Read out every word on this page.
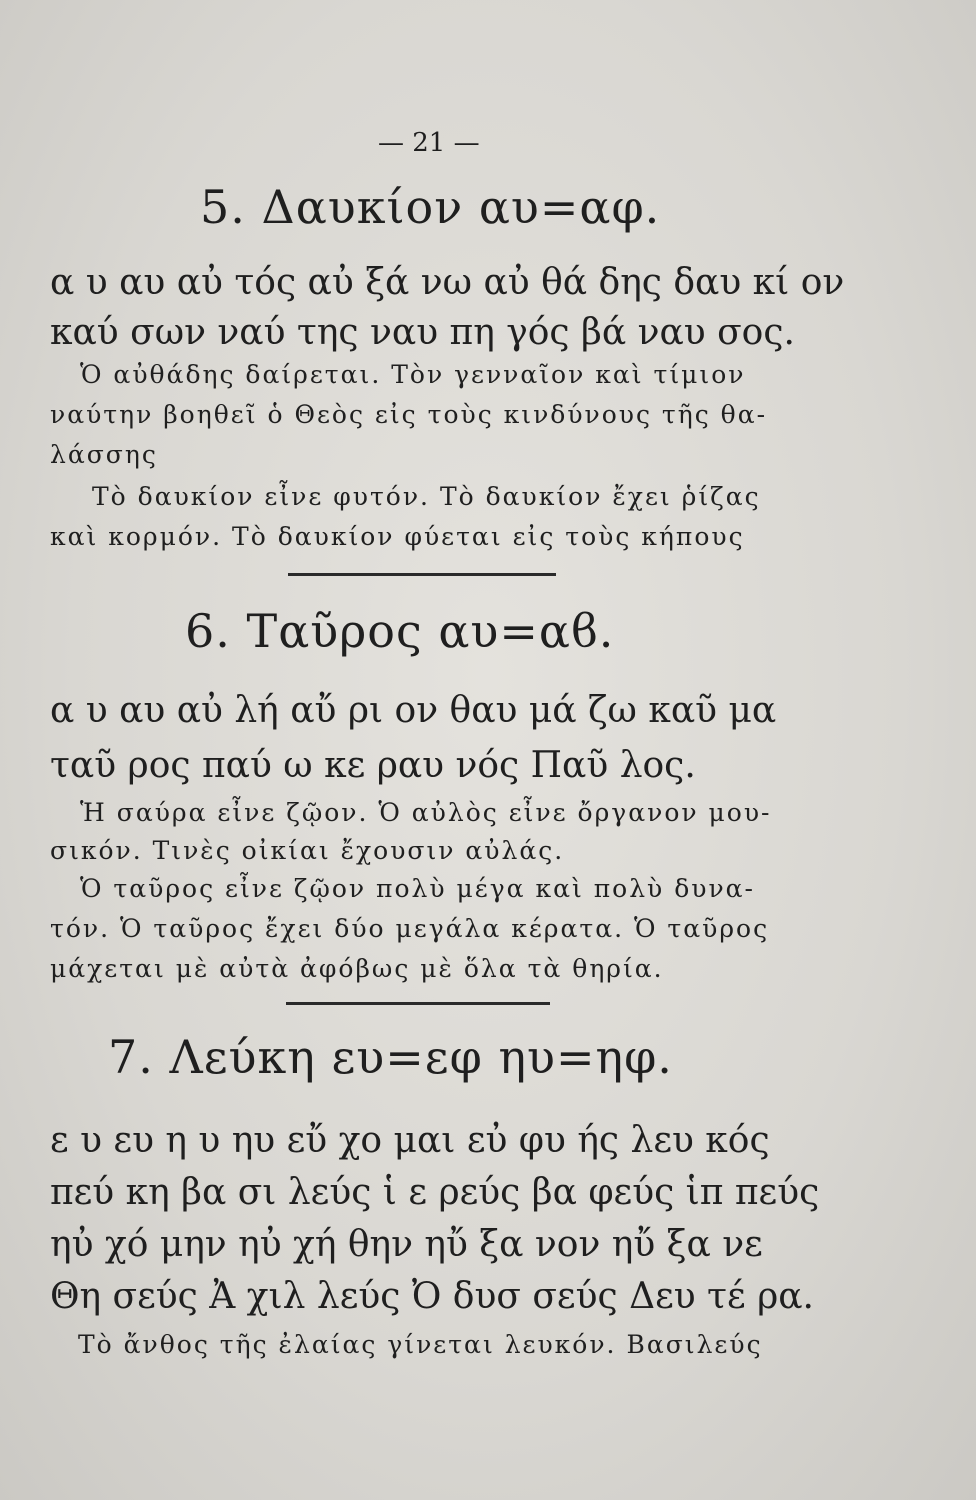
— 21 —
5. Δαυκίον αυ=αφ.
α υ αυ αὐ τός αὐ ξά νω αὐ θά δης δαυ κί ον
καύ σων ναύ της ναυ πη γός βά ναυ σος.
Ὁ αὐθάδης δαίρεται. Τὸν γενναῖον καὶ τίμιον
ναύτην βοηθεῖ ὁ Θεὸς εἰς τοὺς κινδύνους τῆς θα-
λάσσης
Τὸ δαυκίον εἶνε φυτόν. Τὸ δαυκίον ἔχει ῥίζας
καὶ κορμόν. Τὸ δαυκίον φύεται εἰς τοὺς κήπους
6. Ταῦρος αυ=αϐ.
α υ αυ αὐ λή αὔ ρι ον θαυ μά ζω καῦ μα
ταῦ ρος παύ ω κε ραυ νός Παῦ λος.
Ἡ σαύρα εἶνε ζῷον. Ὁ αὐλὸς εἶνε ὄργανον μου-
σικόν. Τινὲς οἰκίαι ἔχουσιν αὐλάς.
Ὁ ταῦρος εἶνε ζῷον πολὺ μέγα καὶ πολὺ δυνα-
τόν. Ὁ ταῦρος ἔχει δύο μεγάλα κέρατα. Ὁ ταῦρος
μάχεται μὲ αὐτὰ ἀφόβως μὲ ὅλα τὰ θηρία.
7. Λεύκη ευ=εφ ηυ=ηφ.
ε υ ευ η υ ηυ εὔ χο μαι εὐ φυ ής λευ κός
πεύ κη βα σι λεύς ἱ ε ρεύς βα φεύς ἱπ πεύς
ηὐ χό μην ηὐ χή θην ηὔ ξα νον ηὔ ξα νε
Θη σεύς Ἀ χιλ λεύς Ὀ δυσ σεύς Δευ τέ ρα.
Τὸ ἄνθος τῆς ἐλαίας γίνεται λευκόν. Βασιλεύς
